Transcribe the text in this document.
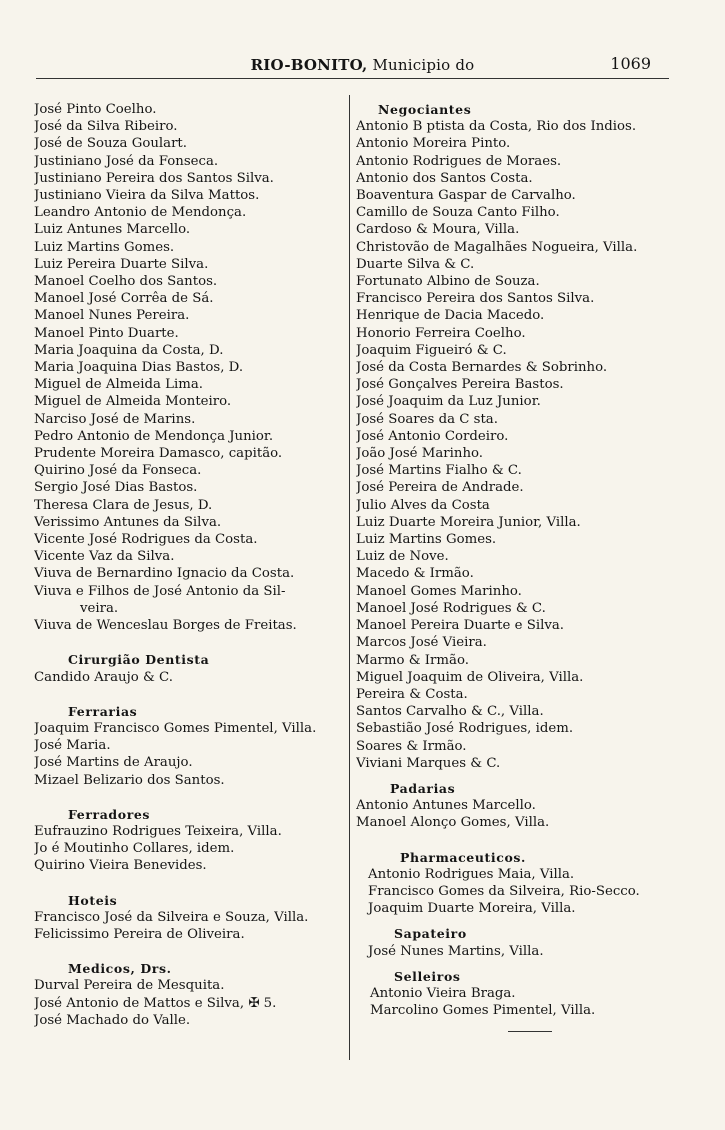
RIO-BONITO, Municipio do	1069
José Pinto Coelho.
José da Silva Ribeiro.
José de Souza Goulart.
Justiniano José da Fonseca.
Justiniano Pereira dos Santos Silva.
Justiniano Vieira da Silva Mattos.
Leandro Antonio de Mendonça.
Luiz Antunes Marcello.
Luiz Martins Gomes.
Luiz Pereira Duarte Silva.
Manoel Coelho dos Santos.
Manoel José Corrêa de Sá.
Manoel Nunes Pereira.
Manoel Pinto Duarte.
Maria Joaquina da Costa, D.
Maria Joaquina Dias Bastos, D.
Miguel de Almeida Lima.
Miguel de Almeida Monteiro.
Narciso José de Marins.
Pedro Antonio de Mendonça Junior.
Prudente Moreira Damasco, capitão.
Quirino José da Fonseca.
Sergio José Dias Bastos.
Theresa Clara de Jesus, D.
Verissimo Antunes da Silva.
Vicente José Rodrigues da Costa.
Vicente Vaz da Silva.
Viuva de Bernardino Ignacio da Costa.
Viuva e Filhos de José Antonio da Sil-
veira.
Viuva de Wenceslau Borges de Freitas.
Cirurgião Dentista
Candido Araujo & C.
Ferrarias
Joaquim Francisco Gomes Pimentel, Villa.
José Maria.
José Martins de Araujo.
Mizael Belizario dos Santos.
Ferradores
Eufrauzino Rodrigues Teixeira, Villa.
Jo é Moutinho Collares, idem.
Quirino Vieira Benevides.
Hoteis
Francisco José da Silveira e Souza, Villa.
Felicissimo Pereira de Oliveira.
Medicos, Drs.
Durval Pereira de Mesquita.
José Antonio de Mattos e Silva, ✠ 5.
José Machado do Valle.
Negociantes
Antonio B ptista da Costa, Rio dos Indios.
Antonio Moreira Pinto.
Antonio Rodrigues de Moraes.
Antonio dos Santos Costa.
Boaventura Gaspar de Carvalho.
Camillo de Souza Canto Filho.
Cardoso & Moura, Villa.
Christovão de Magalhães Nogueira, Villa.
Duarte Silva & C.
Fortunato Albino de Souza.
Francisco Pereira dos Santos Silva.
Henrique de Dacia Macedo.
Honorio Ferreira Coelho.
Joaquim Figueiró & C.
José da Costa Bernardes & Sobrinho.
José Gonçalves Pereira Bastos.
José Joaquim da Luz Junior.
José Soares da C sta.
José Antonio Cordeiro.
João José Marinho.
José Martins Fialho & C.
José Pereira de Andrade.
Julio Alves da Costa
Luiz Duarte Moreira Junior, Villa.
Luiz Martins Gomes.
Luiz de Nove.
Macedo & Irmão.
Manoel Gomes Marinho.
Manoel José Rodrigues & C.
Manoel Pereira Duarte e Silva.
Marcos José Vieira.
Marmo & Irmão.
Miguel Joaquim de Oliveira, Villa.
Pereira & Costa.
Santos Carvalho & C., Villa.
Sebastião José Rodrigues, idem.
Soares & Irmão.
Viviani Marques & C.
Padarias
Antonio Antunes Marcello.
Manoel Alonço Gomes, Villa.
Pharmaceuticos.
Antonio Rodrigues Maia, Villa.
Francisco Gomes da Silveira, Rio-Secco.
Joaquim Duarte Moreira, Villa.
Sapateiro
José Nunes Martins, Villa.
Selleiros
Antonio Vieira Braga.
Marcolino Gomes Pimentel, Villa.
